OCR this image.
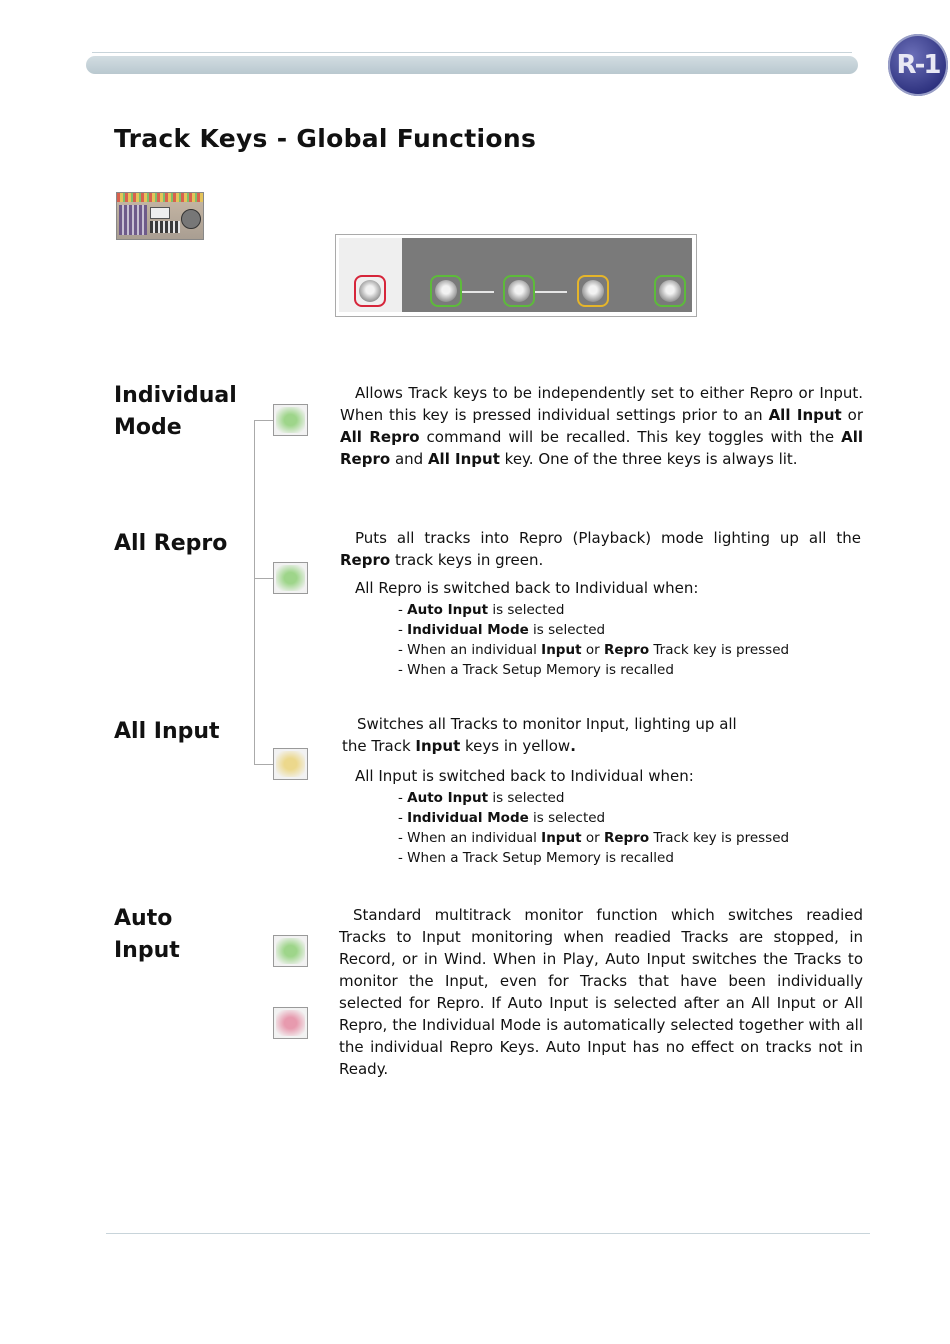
R-1
Track Keys - Global Functions
Individual
Mode
Allows Track keys to be independently set to either Repro or Input. When this key is pressed individual settings prior to an All Input or All Repro command will be recalled. This key toggles with the All Repro and All Input key. One of the three keys is always lit.
All Repro	Puts all tracks into Repro (Playback) mode lighting up all the Repro track keys in green.
All Repro is switched back to Individual when:
- Auto Input is selected
- Individual Mode is selected
- When an individual Input or Repro Track key is pressed
- When a Track Setup Memory is recalled
All Input	Switches all Tracks to monitor Input, lighting up all
the Track Input keys in yellow.
All Input is switched back to Individual when:
- Auto Input is selected
- Individual Mode is selected
- When an individual Input or Repro Track key is pressed
- When a Track Setup Memory is recalled
Auto
Input
Standard multitrack monitor function which switches readied Tracks to Input monitoring when readied Tracks are stopped, in Record, or in Wind. When in Play, Auto Input switches the Tracks to monitor the Input, even for Tracks that have been individually selected for Repro. If Auto Input is selected after an All Input or All Repro, the Individual Mode is automatically selected together with all the individual Repro Keys. Auto Input has no effect on tracks not in Ready.
